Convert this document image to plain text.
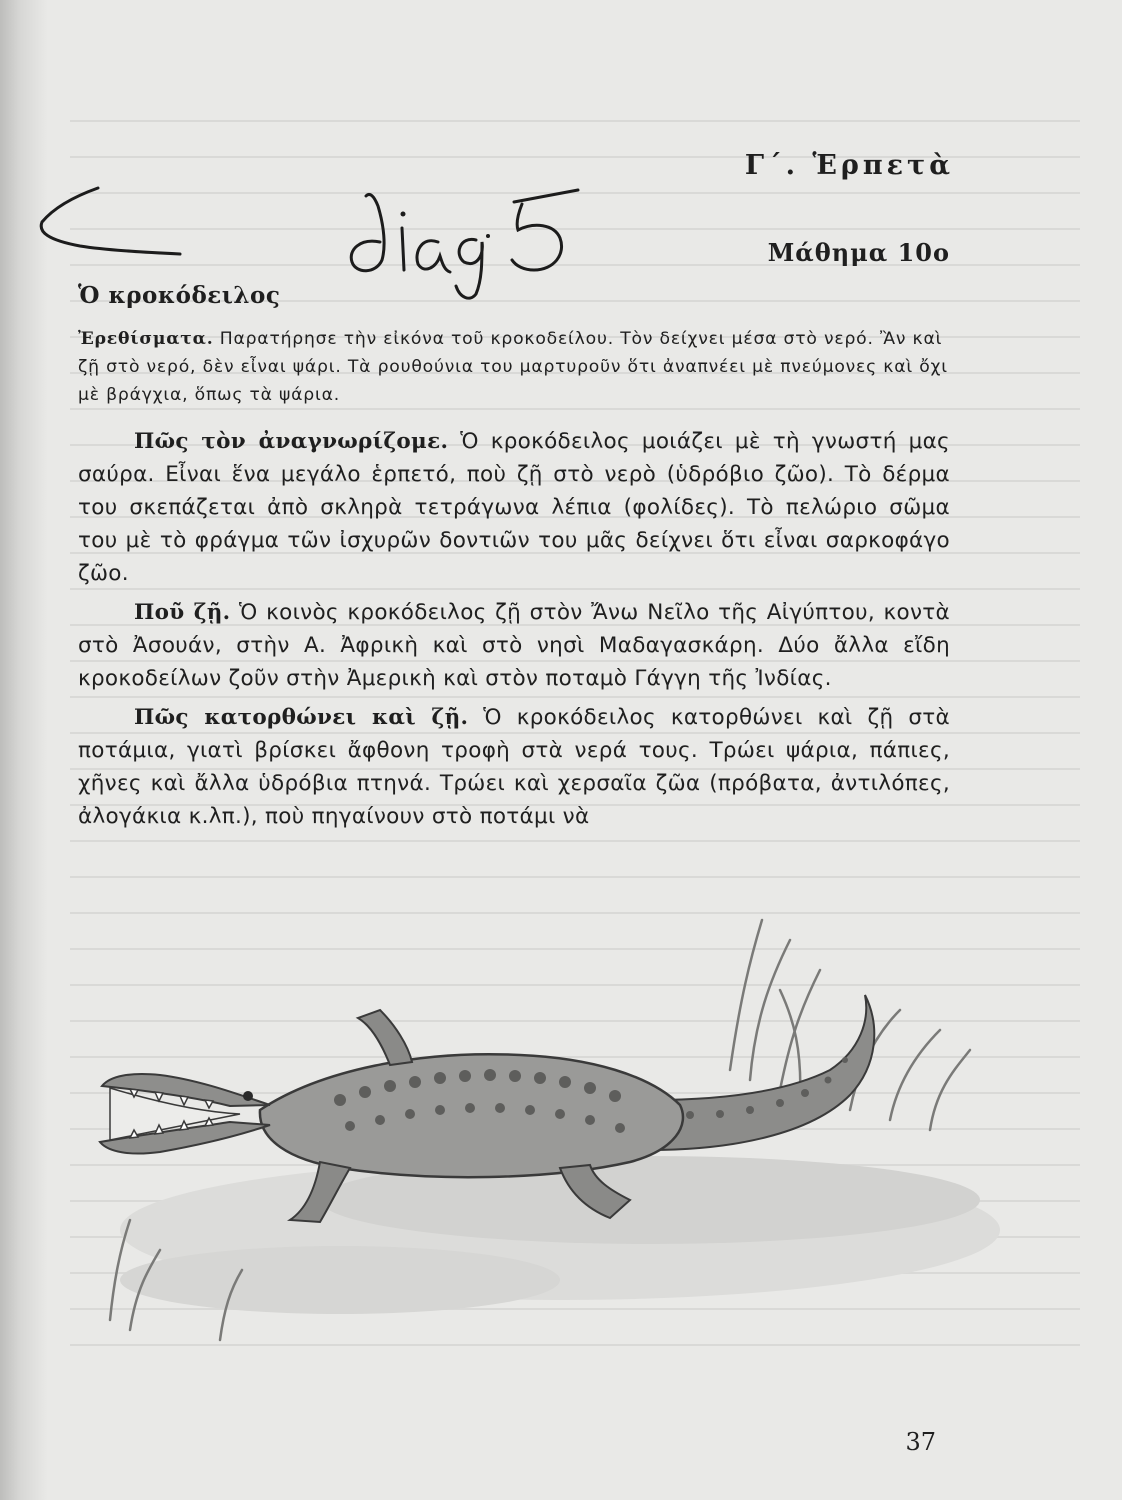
Γ΄. Ἑρπετὰ
Μάθημα 10ο
Ὁ κροκόδειλος
Ἐρεθίσματα. Παρατήρησε τὴν εἰκόνα τοῦ κροκοδείλου. Τὸν δείχνει μέσα στὸ νερό. Ἂν καὶ ζῇ στὸ νερό, δὲν εἶναι ψάρι. Τὰ ρουθούνια του μαρτυροῦν ὅτι ἀναπνέει μὲ πνεύμονες καὶ ὄχι μὲ βράγχια, ὅπως τὰ ψάρια.

Πῶς τὸν ἀναγνωρίζομε. Ὁ κροκόδειλος μοιάζει μὲ τὴ γνωστή μας σαύρα. Εἶναι ἕνα μεγάλο ἑρπετό, ποὺ ζῇ στὸ νερὸ (ὑδρόβιο ζῶο). Τὸ δέρμα του σκεπάζεται ἀπὸ σκληρὰ τετράγωνα λέπια (φολίδες). Τὸ πελώριο σῶμα του μὲ τὸ φράγμα τῶν ἰσχυρῶν δοντιῶν του μᾶς δείχνει ὅτι εἶναι σαρκοφάγο ζῶο.

Ποῦ ζῇ. Ὁ κοινὸς κροκόδειλος ζῇ στὸν Ἄνω Νεῖλο τῆς Αἰγύπτου, κοντὰ στὸ Ἀσουάν, στὴν Α. Ἀφρικὴ καὶ στὸ νησὶ Μαδαγασκάρη. Δύο ἄλλα εἴδη κροκοδείλων ζοῦν στὴν Ἀμερικὴ καὶ στὸν ποταμὸ Γάγγη τῆς Ἰνδίας.

Πῶς κατορθώνει καὶ ζῇ. Ὁ κροκόδειλος κατορθώνει καὶ ζῇ στὰ ποτάμια, γιατὶ βρίσκει ἄφθονη τροφὴ στὰ νερά τους. Τρώει ψάρια, πάπιες, χῆνες καὶ ἄλλα ὑδρόβια πτηνά. Τρώει καὶ χερσαῖα ζῶα (πρόβατα, ἀντιλόπες, ἀλογάκια κ.λπ.), ποὺ πηγαίνουν στὸ ποτάμι νὰ

37
